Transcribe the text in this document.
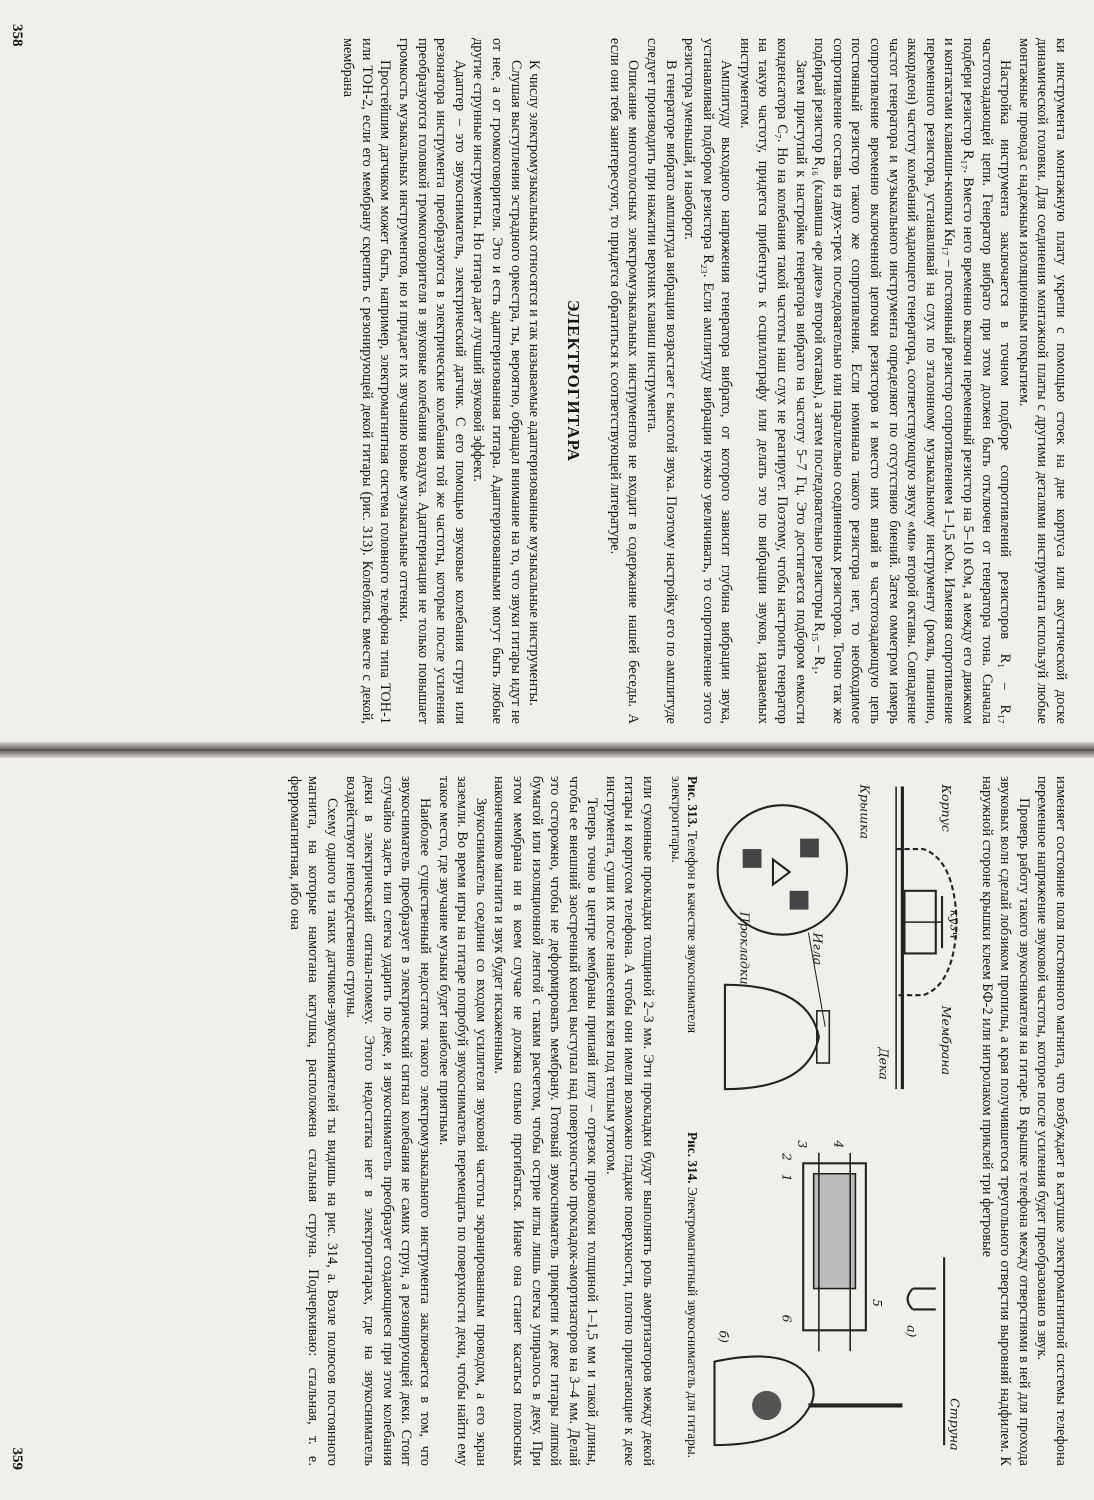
ки инструмента монтажную плату укрепи с помощью стоек на дне корпуса или акустической доске динамической головки. Для соединения монтажной платы с другими деталями инструмента используй любые монтажные провода с надежным изоляционным покрытием.

Настройка инструмента заключается в точном подборе сопротивлений резисторов R₁ – R₁₇ частотозадающей цепи. Генератор вибрато при этом должен быть отключен от генератора тона. Сначала подбери резистор R₁₇. Вместо него временно включи переменный резистор на 5–10 кОм, а между его движком и контактами клавиши-кнопки Кн₁₇ – постоянный резистор сопротивлением 1–1,5 кОм. Изменяя сопротивление переменного резистора, устанавливай на слух по эталонному музыкальному инструменту (рояль, пианино, аккордеон) частоту колебаний задающего генератора, соответствующую звуку «ми» второй октавы. Совпадение частот генератора и музыкального инструмента определяют по отсутствию биений. Затем омметром измерь сопротивление временно включенной цепочки резисторов и вместо них впаяй в частотозадающую цепь постоянный резистор такого же сопротивления. Если номинала такого резистора нет, то необходимое сопротивление составь из двух-трех последовательно или параллельно соединенных резисторов. Точно так же подбирай резистор R₁₆ (клавиша «ре диез» второй октавы), а затем последовательно резисторы R₁₅ – R₁.

Затем приступай к настройке генератора вибрато на частоту 5–7 Гц. Это достигается подбором емкости конденсатора C₇. Но на колебания такой частоты наш слух не реагирует. Поэтому, чтобы настроить генератор на такую частоту, придется прибегнуть к осциллографу или делать это по вибрации звуков, издаваемых инструментом.

Амплитуду выходного напряжения генератора вибрато, от которого зависит глубина вибрации звука, устанавливай подбором резистора R₂₃. Если амплитуду вибрации нужно увеличивать, то сопротивление этого резистора уменьшай, и наоборот.

В генераторе вибрато амплитуда вибрации возрастает с высотой звука. Поэтому настройку его по амплитуде следует производить при нажатии верхних клавиш инструмента.

Описание многоголосных электромузыкальных инструментов не входит в содержание нашей беседы. А если они тебя заинтересуют, то придется обратиться к соответствующей литературе.

ЭЛЕКТРОГИТАРА

К числу электромузыкальных относятся и так называемые адаптеризованные музыкальные инструменты.

Слушая выступления эстрадного оркестра, ты, вероятно, обращал внимание на то, что звуки гитары идут не от нее, а от громкоговорителя. Это и есть адаптеризованная гитара. Адаптеризованными могут быть любые другие струнные инструменты. Но гитара дает лучший звуковой эффект.

Адаптер – это звукосниматель, электрический датчик. С его помощью звуковые колебания струн или резонатора инструмента преобразуются в электрические колебания той же частоты, которые после усиления преобразуются головкой громкоговорителя в звуковые колебания воздуха. Адаптеризация не только повышает громкость музыкальных инструментов, но и придает их звучанию новые музыкальные оттенки.

Простейшим датчиком может быть, например, электромагнитная система головного телефона типа ТОН-1 или ТОН-2, если его мембрану скрепить с резонирующей декой гитары (рис. 313). Колеблясь вместе с декой, мембрана

358

изменяет состояние поля постоянного магнита, что возбуждает в катушке электромагнитной системы телефона переменное напряжение звуковой частоты, которое после усиления будет преобразовано в звук.

Проверь работу такого звукоснимателя на гитаре. В крышке телефона между отверстиями в ней для прохода звуковых волн сделай лобзиком пропилы, а края получившегося треугольного отверстия выровняй надфилем. К наружной стороне крышки клеем БФ-2 или нитролаком приклей три фетровые

Корпус
кузч
Мембрана
Дека
Крышка
Игла
Прокладки

Рис. 313. Телефон в качестве звукоснимателя электрогитары.

Струна
а)
б)
1
2
3 4
5
6

Рис. 314. Электромагнитный звукосниматель для гитары.

или суконные прокладки толщиной 2–3 мм. Эти прокладки будут выполнять роль амортизаторов между декой гитары и корпусом телефона. А чтобы они имели возможно гладкие поверхности, плотно прилегающие к деке инструмента, суши их после нанесения клея под теплым утюгом.

Теперь точно в центре мембраны припаяй иглу – отрезок проволоки толщиной 1–1,5 мм и такой длины, чтобы ее внешний заостренный конец выступал над поверхностью прокладок-амортизаторов на 3–4 мм. Делай это осторожно, чтобы не деформировать мембрану. Готовый звукосниматель прикрепи к деке гитары липкой бумагой или изоляционной лентой с таким расчетом, чтобы острие иглы лишь слегка упиралось в деку. При этом мембрана ни в коем случае не должна сильно прогибаться. Иначе она станет касаться полюсных наконечников магнита и звук будет искаженным.

Звукосниматель соедини со входом усилителя звуковой частоты экранированным проводом, а его экран заземли. Во время игры на гитаре попробуй звукосниматель перемещать по поверхности деки, чтобы найти ему такое место, где звучание музыки будет наиболее приятным.

Наиболее существенный недостаток такого электромузыкального инструмента заключается в том, что звукосниматель преобразует в электрический сигнал колебания не самих струн, а резонирующей деки. Стоит случайно задеть или слегка ударить по деке, и звукосниматель преобразует создающиеся при этом колебания деки в электрический сигнал-помеху. Этого недостатка нет в электрогитарах, где на звукосниматель воздействуют непосредственно струны.

Схему одного из таких датчиков-звукоснимателей ты видишь на рис. 314, а. Возле полюсов постоянного магнита, на которые намотана катушка, расположена стальная струна. Подчеркиваю: стальная, т. е. ферромагнитная, ибо она

359
